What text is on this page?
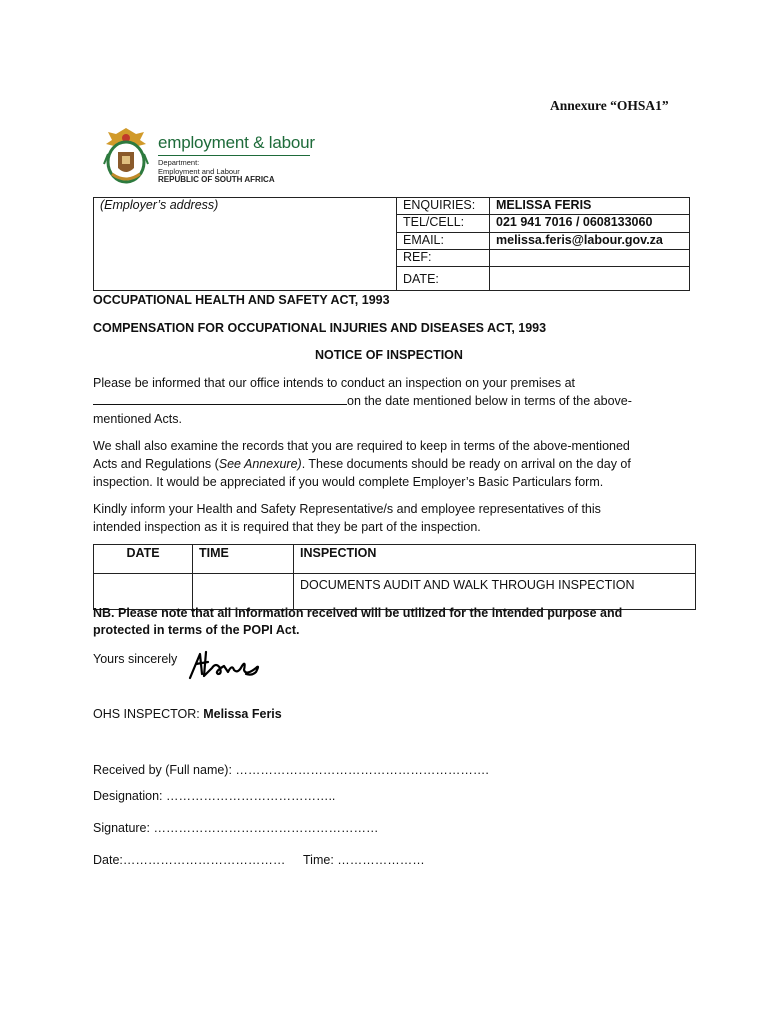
Annexure “OHSA1”
employment & labour
Department:
Employment and Labour
REPUBLIC OF SOUTH AFRICA
(Employer’s address)	ENQUIRIES:	MELISSA FERIS
	TEL/CELL:	021 941 7016 / 0608133060
	EMAIL:	melissa.feris@labour.gov.za
	REF:	
	DATE:	
OCCUPATIONAL HEALTH AND SAFETY ACT, 1993
COMPENSATION FOR OCCUPATIONAL INJURIES AND DISEASES ACT, 1993
NOTICE OF INSPECTION
Please be informed that our office intends to conduct an inspection on your premises at
on the date mentioned below in terms of the above-
mentioned Acts.
We shall also examine the records that you are required to keep in terms of the above-mentioned
Acts and Regulations (See Annexure). These documents should be ready on arrival on the day of
inspection. It would be appreciated if you would complete Employer’s Basic Particulars form.
Kindly inform your Health and Safety Representative/s and employee representatives of this
intended inspection as it is required that they be part of the inspection.
DATE	TIME	INSPECTION
		DOCUMENTS AUDIT AND WALK THROUGH INSPECTION
NB. Please note that all information received will be utilized for the intended purpose and
protected in terms of the POPI Act.
Yours sincerely
OHS INSPECTOR: Melissa Feris
Received by (Full name): …………………………………………………….
Designation: …………………………………..
Signature: ………………………………………………
Date:………………………………… Time: …………………
